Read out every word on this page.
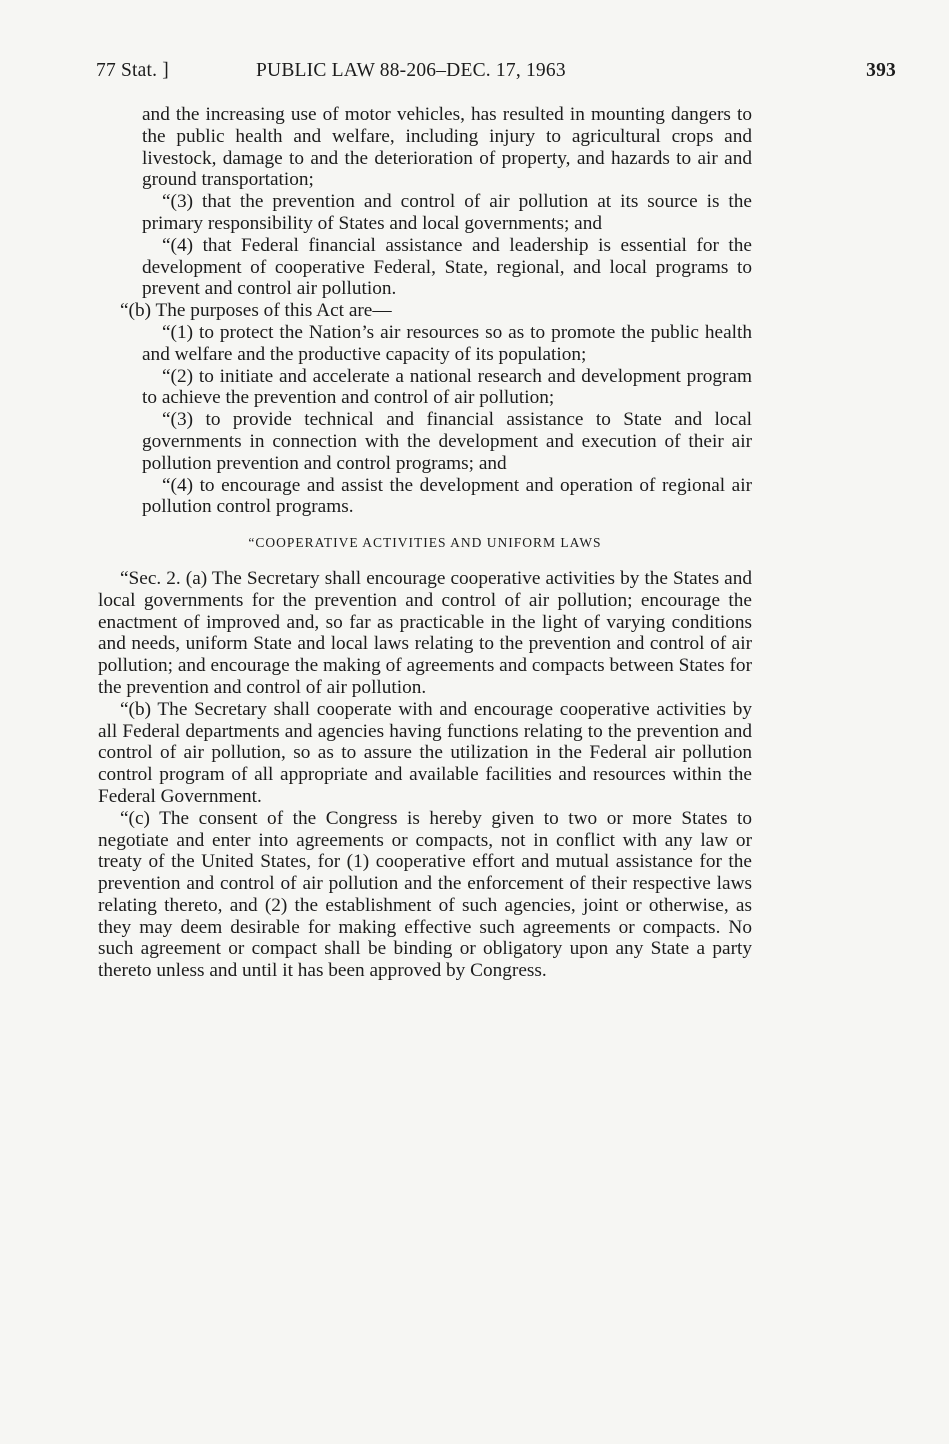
77 Stat. ]	PUBLIC LAW 88-206–DEC. 17, 1963	393

and the increasing use of motor vehicles, has resulted in mounting dangers to the public health and welfare, including injury to agricultural crops and livestock, damage to and the deterioration of property, and hazards to air and ground transportation;

“(3) that the prevention and control of air pollution at its source is the primary responsibility of States and local governments; and

“(4) that Federal financial assistance and leadership is essential for the development of cooperative Federal, State, regional, and local programs to prevent and control air pollution.

“(b) The purposes of this Act are—

“(1) to protect the Nation’s air resources so as to promote the public health and welfare and the productive capacity of its population;

“(2) to initiate and accelerate a national research and development program to achieve the prevention and control of air pollution;

“(3) to provide technical and financial assistance to State and local governments in connection with the development and execution of their air pollution prevention and control programs; and

“(4) to encourage and assist the development and operation of regional air pollution control programs.

“COOPERATIVE ACTIVITIES AND UNIFORM LAWS

“Sec. 2. (a) The Secretary shall encourage cooperative activities by the States and local governments for the prevention and control of air pollution; encourage the enactment of improved and, so far as practicable in the light of varying conditions and needs, uniform State and local laws relating to the prevention and control of air pollution; and encourage the making of agreements and compacts between States for the prevention and control of air pollution.

“(b) The Secretary shall cooperate with and encourage cooperative activities by all Federal departments and agencies having functions relating to the prevention and control of air pollution, so as to assure the utilization in the Federal air pollution control program of all appropriate and available facilities and resources within the Federal Government.

“(c) The consent of the Congress is hereby given to two or more States to negotiate and enter into agreements or compacts, not in conflict with any law or treaty of the United States, for (1) cooperative effort and mutual assistance for the prevention and control of air pollution and the enforcement of their respective laws relating thereto, and (2) the establishment of such agencies, joint or otherwise, as they may deem desirable for making effective such agreements or compacts. No such agreement or compact shall be binding or obligatory upon any State a party thereto unless and until it has been approved by Congress.
